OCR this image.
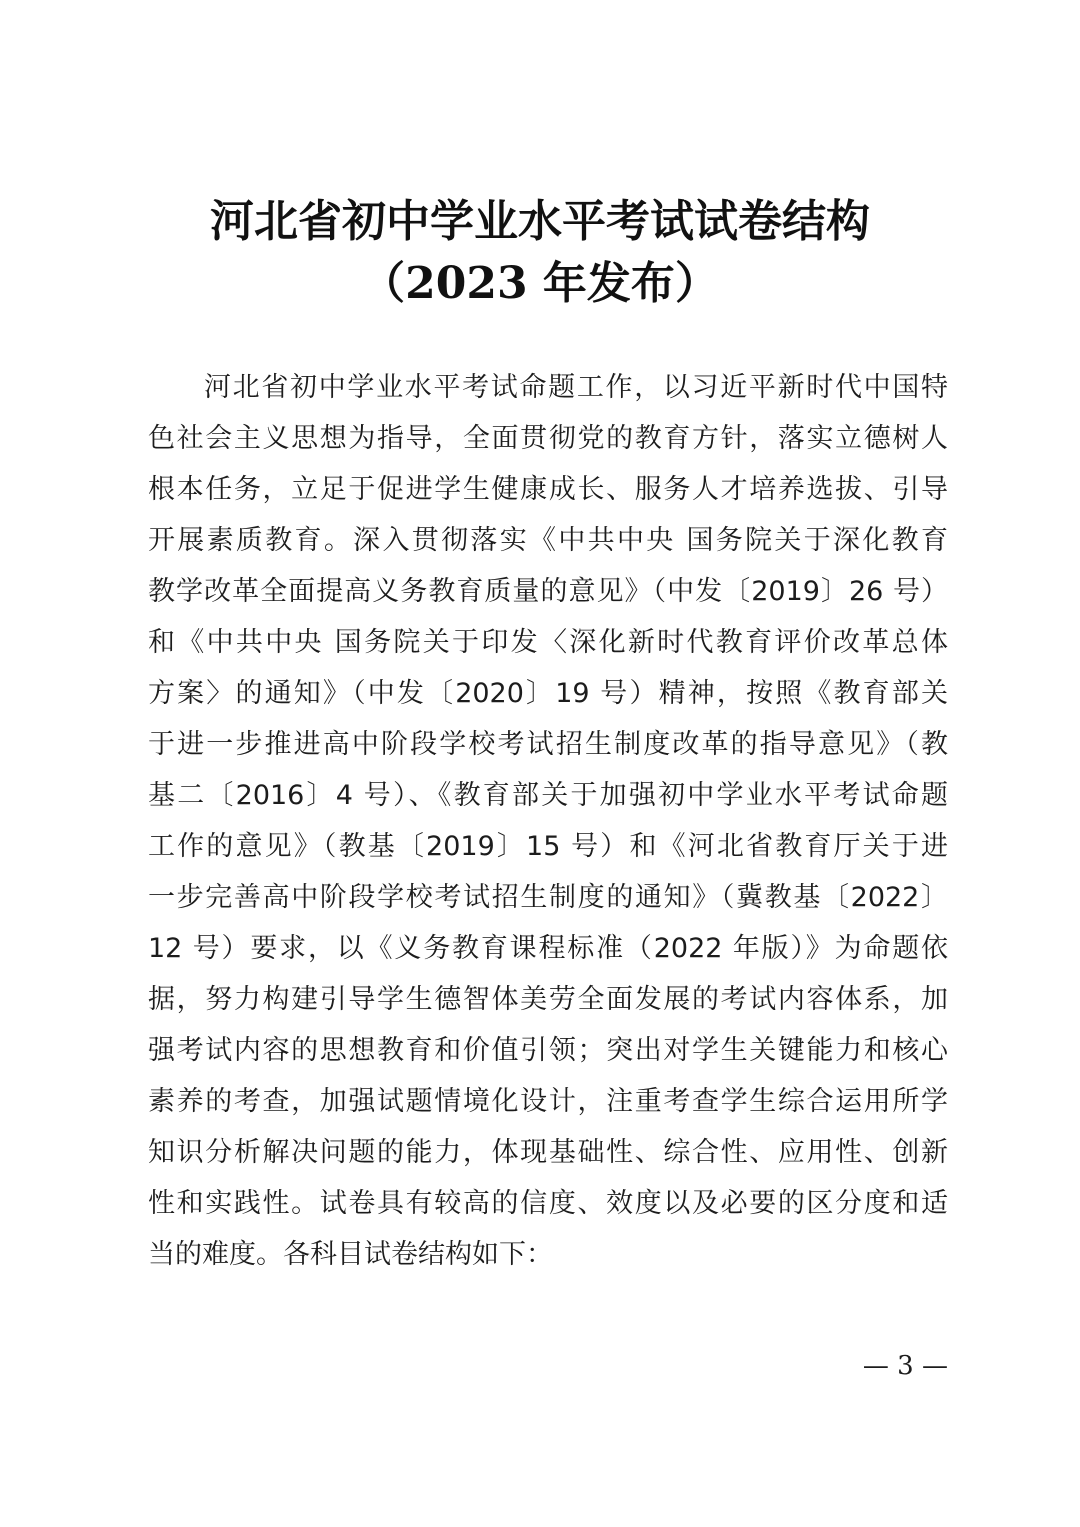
河北省初中学业水平考试试卷结构
（2023 年发布）
河北省初中学业水平考试命题工作，以习近平新时代中国特
色社会主义思想为指导，全面贯彻党的教育方针，落实立德树人
根本任务，立足于促进学生健康成长、服务人才培养选拔、引导
开展素质教育。深入贯彻落实《中共中央 国务院关于深化教育
教学改革全面提高义务教育质量的意见》（中发〔2019〕26 号）
和《中共中央 国务院关于印发〈深化新时代教育评价改革总体
方案〉的通知》（中发〔2020〕19 号）精神，按照《教育部关
于进一步推进高中阶段学校考试招生制度改革的指导意见》（教
基二〔2016〕4 号）、《教育部关于加强初中学业水平考试命题
工作的意见》（教基〔2019〕15 号）和《河北省教育厅关于进
一步完善高中阶段学校考试招生制度的通知》（冀教基〔2022〕
12 号）要求，以《义务教育课程标准（2022 年版）》为命题依
据，努力构建引导学生德智体美劳全面发展的考试内容体系，加
强考试内容的思想教育和价值引领；突出对学生关键能力和核心
素养的考查，加强试题情境化设计，注重考查学生综合运用所学
知识分析解决问题的能力，体现基础性、综合性、应用性、创新
性和实践性。试卷具有较高的信度、效度以及必要的区分度和适
当的难度。各科目试卷结构如下：
— 3 —
